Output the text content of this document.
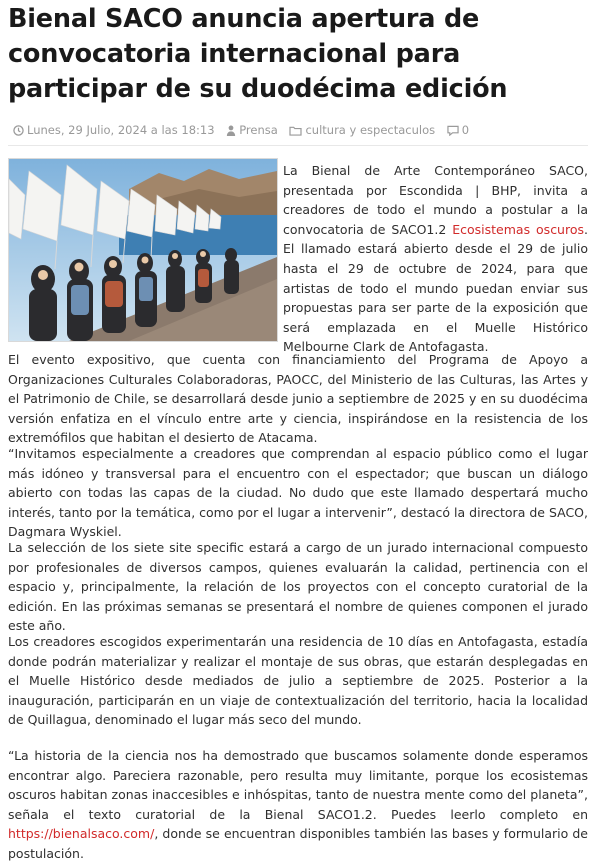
Bienal SACO anuncia apertura de convocatoria internacional para participar de su duodécima edición
Lunes, 29 Julio, 2024 a las 18:13 Prensa cultura y espectaculos 0

La Bienal de Arte Contemporáneo SACO, presentada por Escondida | BHP, invita a creadores de todo el mundo a postular a la convocatoria de SACO1.2 Ecosistemas oscuros. El llamado estará abierto desde el 29 de julio hasta el 29 de octubre de 2024, para que artistas de todo el mundo puedan enviar sus propuestas para ser parte de la exposición que será emplazada en el Muelle Histórico Melbourne Clark de Antofagasta.

El evento expositivo, que cuenta con financiamiento del Programa de Apoyo a Organizaciones Culturales Colaboradoras, PAOCC, del Ministerio de las Culturas, las Artes y el Patrimonio de Chile, se desarrollará desde junio a septiembre de 2025 y en su duodécima versión enfatiza en el vínculo entre arte y ciencia, inspirándose en la resistencia de los extremófilos que habitan el desierto de Atacama.

“Invitamos especialmente a creadores que comprendan al espacio público como el lugar más idóneo y transversal para el encuentro con el espectador; que buscan un diálogo abierto con todas las capas de la ciudad. No dudo que este llamado despertará mucho interés, tanto por la temática, como por el lugar a intervenir”, destacó la directora de SACO, Dagmara Wyskiel.

La selección de los siete site specific estará a cargo de un jurado internacional compuesto por profesionales de diversos campos, quienes evaluarán la calidad, pertinencia con el espacio y, principalmente, la relación de los proyectos con el concepto curatorial de la edición. En las próximas semanas se presentará el nombre de quienes componen el jurado este año.

Los creadores escogidos experimentarán una residencia de 10 días en Antofagasta, estadía donde podrán materializar y realizar el montaje de sus obras, que estarán desplegadas en el Muelle Histórico desde mediados de julio a septiembre de 2025. Posterior a la inauguración, participarán en un viaje de contextualización del territorio, hacia la localidad de Quillagua, denominado el lugar más seco del mundo.

“La historia de la ciencia nos ha demostrado que buscamos solamente donde esperamos encontrar algo. Pareciera razonable, pero resulta muy limitante, porque los ecosistemas oscuros habitan zonas inaccesibles e inhóspitas, tanto de nuestra mente como del planeta”, señala el texto curatorial de la Bienal SACO1.2. Puedes leerlo completo en https://bienalsaco.com/, donde se encuentran disponibles también las bases y formulario de postulación.
